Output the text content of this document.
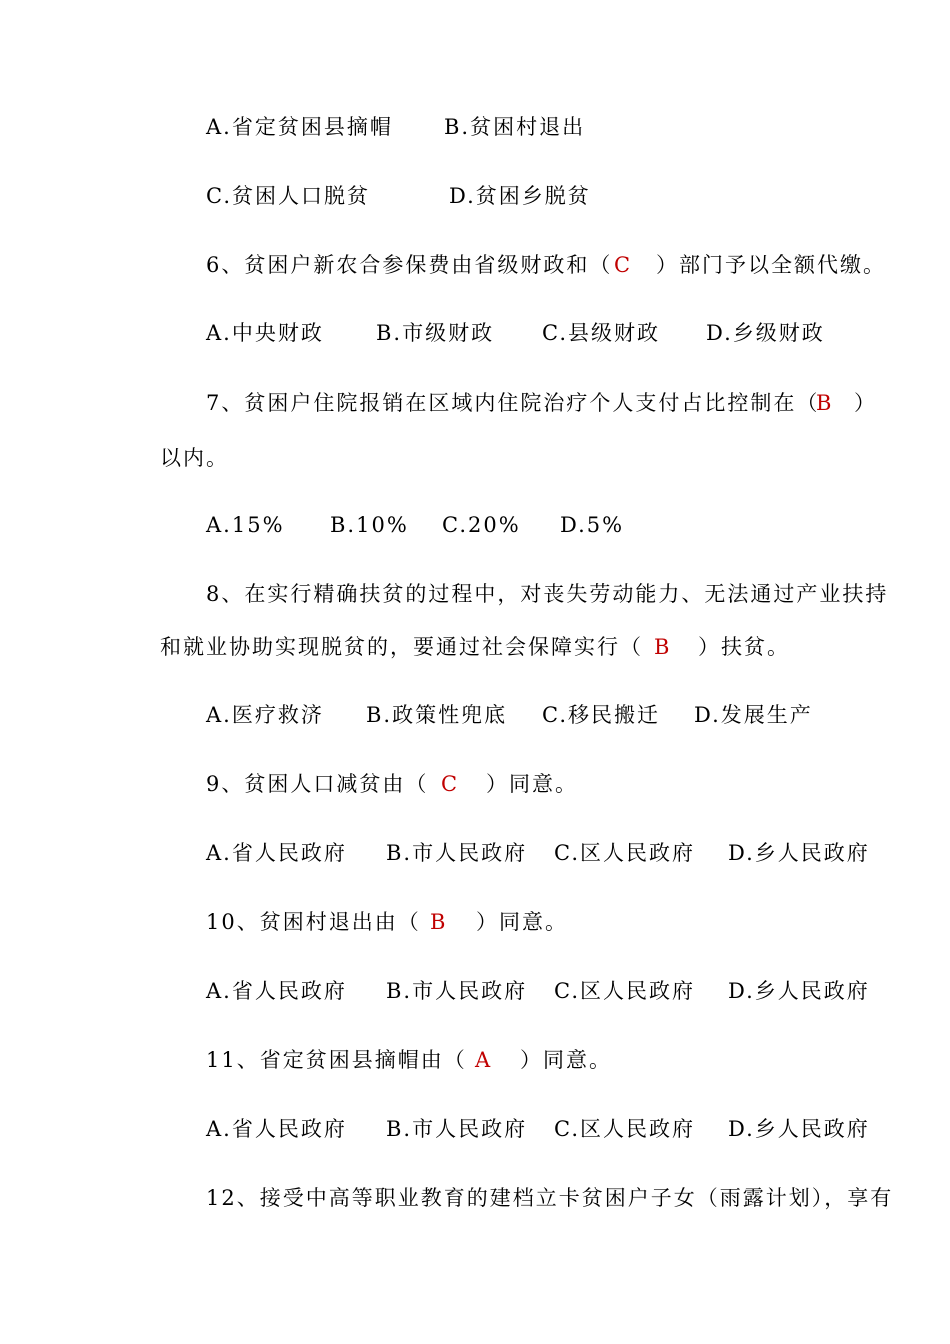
A.省定贫困县摘帽 B.贫困村退出
C.贫困人口脱贫	D.贫困乡脱贫
6、贫困户新农合参保费由省级财政和（ C ）部门予以全额代缴。
A.中央财政 B.市级财政 C.县级财政 D.乡级财政
7、贫困户住院报销在区域内住院治疗个人支付占比控制在（
B ）
以内。
A.15% B.10% C.20% D.5%
8、在实行精确扶贫的过程中，对丧失劳动能力、无法通过产业扶持
和就业协助实现脱贫的，要通过社会保障实行（ B ）扶贫。
A.医疗救济 B.政策性兜底 C.移民搬迁 D.发展生产
9、贫困人口减贫由（ C ）同意。
A.省人民政府 B.市人民政府 C.区人民政府 D.乡人民政府
10、贫困村退出由（ B ）同意。
A.省人民政府 B.市人民政府 C.区人民政府 D.乡人民政府
11、省定贫困县摘帽由（ A ）同意。
A.省人民政府 B.市人民政府 C.区人民政府 D.乡人民政府
12、接受中高等职业教育的建档立卡贫困户子女（雨露计划），享有
